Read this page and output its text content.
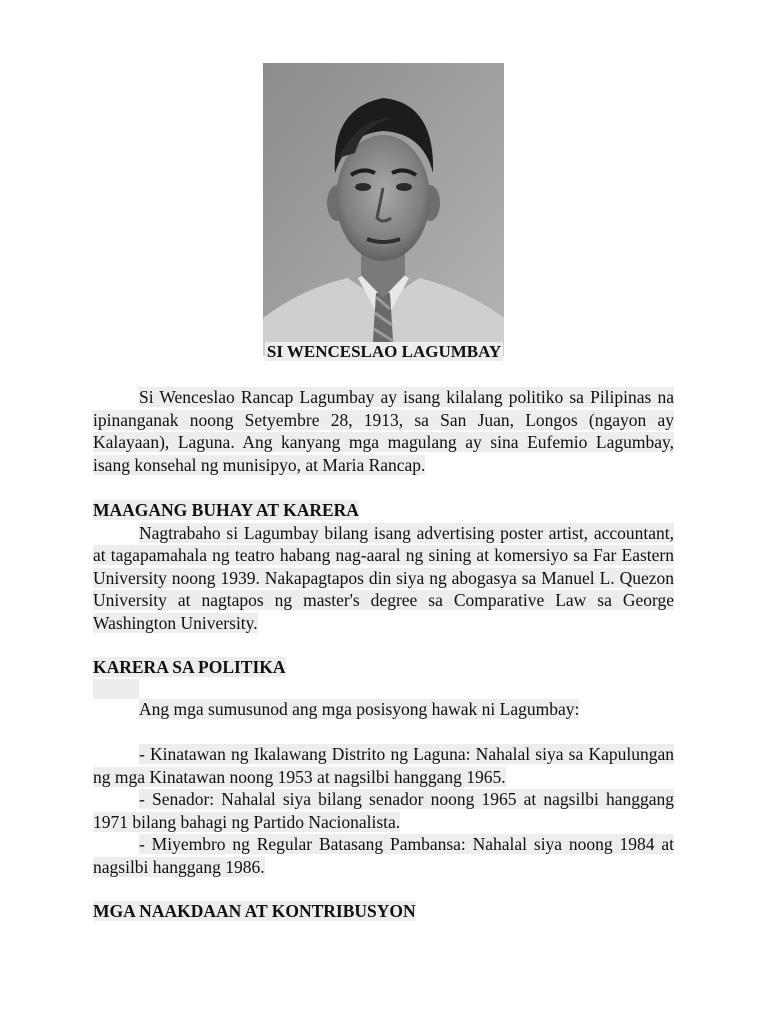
SI WENCESLAO LAGUMBAY

Si Wenceslao Rancap Lagumbay ay isang kilalang politiko sa Pilipinas na ipinanganak noong Setyembre 28, 1913, sa San Juan, Longos (ngayon ay Kalayaan), Laguna. Ang kanyang mga magulang ay sina Eufemio Lagumbay, isang konsehal ng munisipyo, at Maria Rancap.

MAAGANG BUHAY AT KARERA

Nagtrabaho si Lagumbay bilang isang advertising poster artist, accountant, at tagapamahala ng teatro habang nag-aaral ng sining at komersiyo sa Far Eastern University noong 1939. Nakapagtapos din siya ng abogasya sa Manuel L. Quezon University at nagtapos ng master's degree sa Comparative Law sa George Washington University.

KARERA SA POLITIKA

Ang mga sumusunod ang mga posisyong hawak ni Lagumbay:

- Kinatawan ng Ikalawang Distrito ng Laguna: Nahalal siya sa Kapulungan ng mga Kinatawan noong 1953 at nagsilbi hanggang 1965.

- Senador: Nahalal siya bilang senador noong 1965 at nagsilbi hanggang 1971 bilang bahagi ng Partido Nacionalista.

- Miyembro ng Regular Batasang Pambansa: Nahalal siya noong 1984 at nagsilbi hanggang 1986.

MGA NAAKDAAN AT KONTRIBUSYON
